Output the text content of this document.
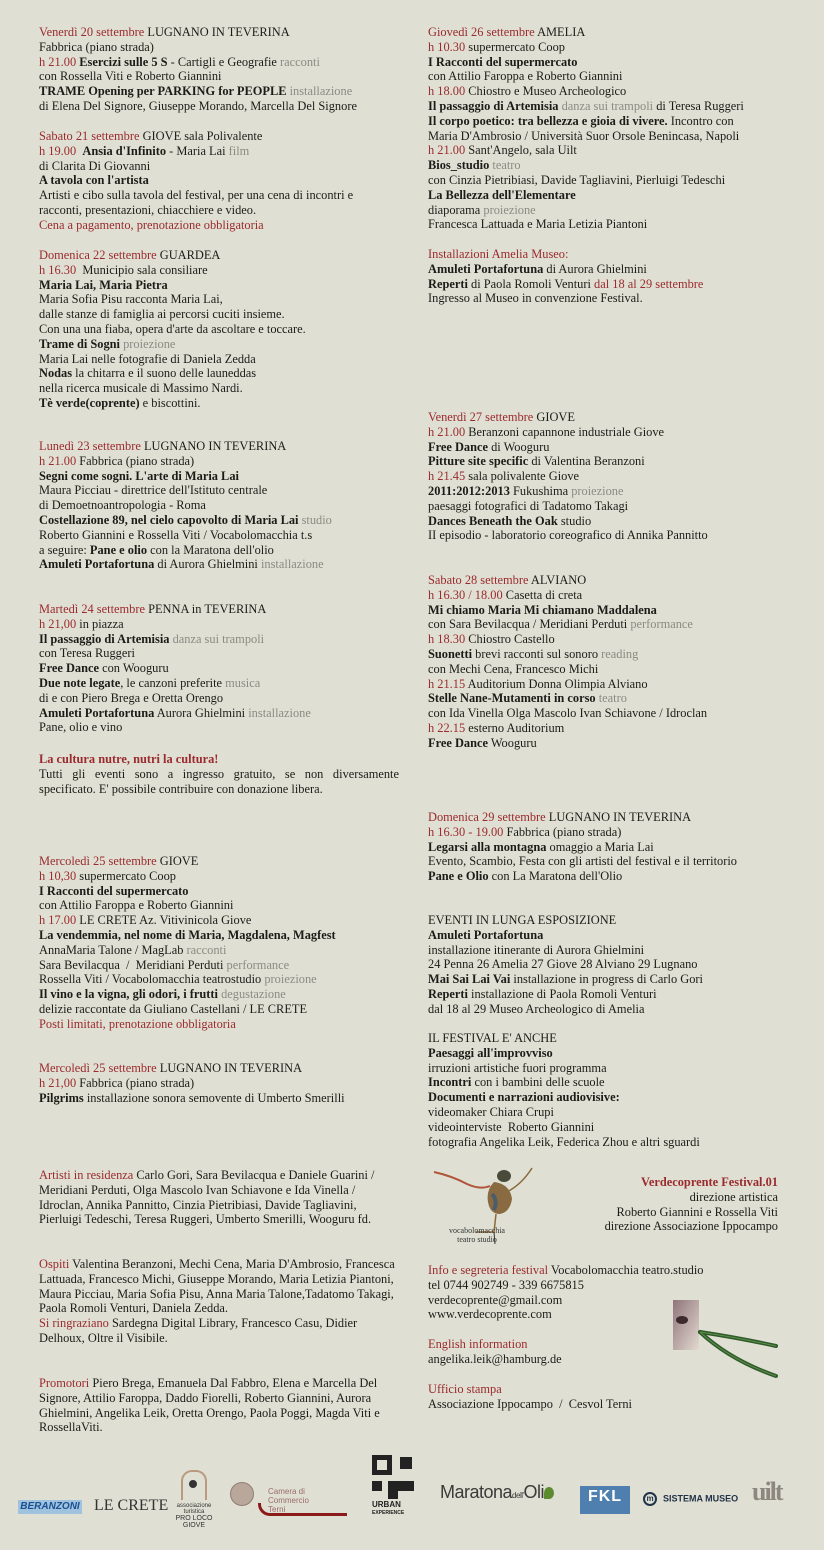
Venerdì 20 settembre LUGNANO IN TEVERINA
Fabbrica (piano strada)
h 21.00 Esercizi sulle 5 S - Cartigli e Geografie racconti
con Rossella Viti e Roberto Giannini
TRAME Opening per PARKING for PEOPLE installazione
di Elena Del Signore, Giuseppe Morando, Marcella Del Signore
Sabato 21 settembre GIOVE sala Polivalente
h 19.00 Ansia d'Infinito - Maria Lai film
di Clarita Di Giovanni
A tavola con l'artista
Artisti e cibo sulla tavola del festival, per una cena di incontri e
racconti, presentazioni, chiacchiere e video.
Cena a pagamento, prenotazione obbligatoria
Domenica 22 settembre GUARDEA
h 16.30  Municipio sala consiliare
Maria Lai, Maria Pietra
Maria Sofia Pisu racconta Maria Lai,
dalle stanze di famiglia ai percorsi cuciti insieme.
Con una una fiaba, opera d'arte da ascoltare e toccare.
Trame di Sogni proiezione
Maria Lai nelle fotografie di Daniela Zedda
Nodas la chitarra e il suono delle launeddas
nella ricerca musicale di Massimo Nardi.
Tè verde(coprente) e biscottini.
Lunedì 23 settembre LUGNANO IN TEVERINA
h 21.00 Fabbrica (piano strada)
Segni come sogni. L'arte di Maria Lai
Maura Picciau - direttrice dell'Istituto centrale
di Demoetnoantropologia - Roma
Costellazione 89, nel cielo capovolto di Maria Lai studio
Roberto Giannini e Rossella Viti / Vocabolomacchia t.s
a seguire: Pane e olio con la Maratona dell'olio
Amuleti Portafortuna di Aurora Ghielmini installazione
Martedì 24 settembre PENNA in TEVERINA
h 21,00 in piazza
Il passaggio di Artemisia danza sui trampoli
con Teresa Ruggeri
Free Dance con Wooguru
Due note legate, le canzoni preferite musica
di e con Piero Brega e Oretta Orengo
Amuleti Portafortuna Aurora Ghielmini installazione
Pane, olio e vino
La cultura nutre, nutri la cultura!
Tutti gli eventi sono a ingresso gratuito, se non diversamente specificato. E' possibile contribuire con donazione libera.
Mercoledì 25 settembre GIOVE
h 10,30 supermercato Coop
I Racconti del supermercato
con Attilio Faroppa e Roberto Giannini
h 17.00 LE CRETE Az. Vitivinicola Giove
La vendemmia, nel nome di Maria, Magdalena, Magfest
AnnaMaria Talone / MagLab racconti
Sara Bevilacqua  /  Meridiani Perduti performance
Rossella Viti / Vocabolomacchia teatrostudio proiezione
Il vino e la vigna, gli odori, i frutti degustazione
delizie raccontate da Giuliano Castellani / LE CRETE
Posti limitati, prenotazione obbligatoria
Mercoledì 25 settembre LUGNANO IN TEVERINA
h 21,00 Fabbrica (piano strada)
Pilgrims installazione sonora semovente di Umberto Smerilli
Artisti in residenza Carlo Gori, Sara Bevilacqua e Daniele Guarini / Meridiani Perduti, Olga Mascolo Ivan Schiavone e Ida Vinella / Idroclan, Annika Pannitto, Cinzia Pietribiasi, Davide Tagliavini, Pierluigi Tedeschi, Teresa Ruggeri, Umberto Smerilli, Wooguru fd.
Ospiti Valentina Beranzoni, Mechi Cena, Maria D'Ambrosio, Francesca Lattuada, Francesco Michi, Giuseppe Morando, Maria Letizia Piantoni, Maura Picciau, Maria Sofia Pisu, Anna Maria Talone,Tadatomo Takagi, Paola Romoli Venturi, Daniela Zedda.
Si ringraziano Sardegna Digital Library, Francesco Casu, Didier Delhoux, Oltre il Visibile.
Promotori Piero Brega, Emanuela Dal Fabbro, Elena e Marcella Del Signore, Attilio Faroppa, Daddo Fiorelli, Roberto Giannini, Aurora Ghielmini, Angelika Leik, Oretta Orengo, Paola Poggi, Magda Viti e RossellaViti.
Giovedì 26 settembre AMELIA
h 10.30 supermercato Coop
I Racconti del supermercato
con Attilio Faroppa e Roberto Giannini
h 18.00 Chiostro e Museo Archeologico
Il passaggio di Artemisia danza sui trampoli di Teresa Ruggeri
Il corpo poetico: tra bellezza e gioia di vivere. Incontro con
Maria D'Ambrosio / Università Suor Orsole Benincasa, Napoli
h 21.00 Sant'Angelo, sala Uilt
Bios_studio teatro
con Cinzia Pietribiasi, Davide Tagliavini, Pierluigi Tedeschi
La Bellezza dell'Elementare
diaporama proiezione
Francesca Lattuada e Maria Letizia Piantoni
Installazioni Amelia Museo:
Amuleti Portafortuna di Aurora Ghielmini
Reperti di Paola Romoli Venturi dal 18 al 29 settembre
Ingresso al Museo in convenzione Festival.
Venerdì 27 settembre GIOVE
h 21.00 Beranzoni capannone industriale Giove
Free Dance di Wooguru
Pitture site specific di Valentina Beranzoni
h 21.45 sala polivalente Giove
2011:2012:2013 Fukushima proiezione
paesaggi fotografici di Tadatomo Takagi
Dances Beneath the Oak studio
II episodio - laboratorio coreografico di Annika Pannitto
Sabato 28 settembre ALVIANO
h 16.30 / 18.00 Casetta di creta
Mi chiamo Maria Mi chiamano Maddalena
con Sara Bevilacqua / Meridiani Perduti performance
h 18.30 Chiostro Castello
Suonetti brevi racconti sul sonoro reading
con Mechi Cena, Francesco Michi
h 21.15 Auditorium Donna Olimpia Alviano
Stelle Nane-Mutamenti in corso teatro
con Ida Vinella Olga Mascolo Ivan Schiavone / Idroclan
h 22.15 esterno Auditorium
Free Dance Wooguru
Domenica 29 settembre LUGNANO IN TEVERINA
h 16.30 - 19.00 Fabbrica (piano strada)
Legarsi alla montagna omaggio a Maria Lai
Evento, Scambio, Festa con gli artisti del festival e il territorio
Pane e Olio con La Maratona dell'Olio
EVENTI IN LUNGA ESPOSIZIONE
Amuleti Portafortuna
installazione itinerante di Aurora Ghielmini
24 Penna 26 Amelia 27 Giove 28 Alviano 29 Lugnano
Mai Sai Lai Vai installazione in progress di Carlo Gori
Reperti installazione di Paola Romoli Venturi
dal 18 al 29 Museo Archeologico di Amelia
IL FESTIVAL E' ANCHE
Paesaggi all'improvviso
irruzioni artistiche fuori programma
Incontri con i bambini delle scuole
Documenti e narrazioni audiovisive:
videomaker Chiara Crupi
videointerviste  Roberto Giannini
fotografia Angelika Leik, Federica Zhou e altri sguardi
Verdecoprente Festival.01
direzione artistica
Roberto Giannini e Rossella Viti
direzione Associazione Ippocampo
Info e segreteria festival Vocabolomacchia teatro.studio
tel 0744 902749 - 339 6675815
verdecoprente@gmail.com
www.verdecoprente.com
English information
angelika.leik@hamburg.de
Ufficio stampa
Associazione Ippocampo  /  Cesvol Terni
vocabolomacchia
teatro studio
BERANZONI LE CRETE	associazione turistica
PRO LOCO GIOVE
Camera di Commercio
Terni
URBAN
EXPERIENCE
Maratonadell'Oli	FKL	m SISTEMA MUSEO uilt
